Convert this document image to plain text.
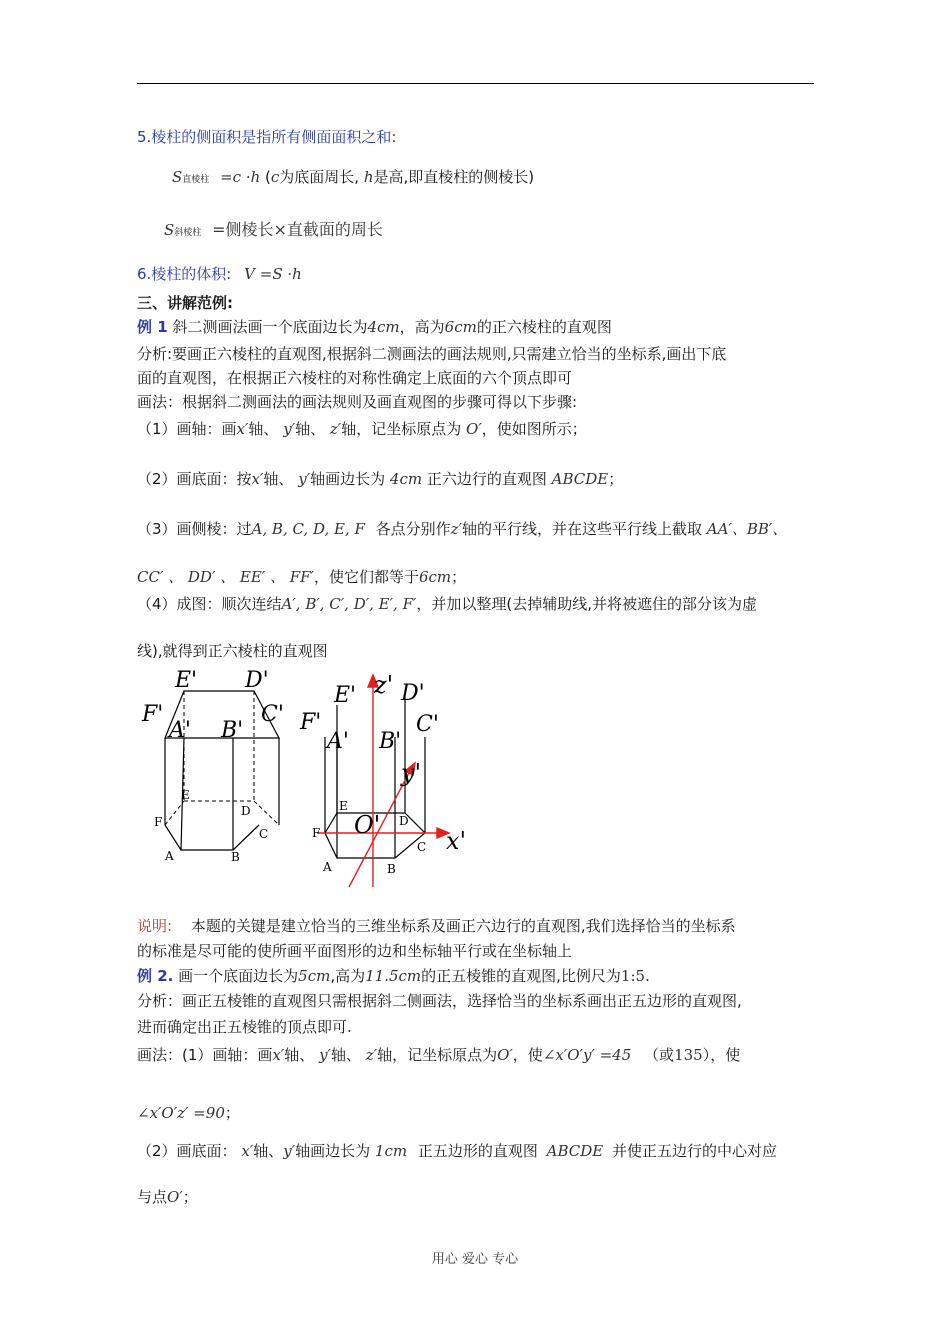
5.棱柱的侧面积是指所有侧面面积之和:
S直棱柱 =c ·h (c为底面周长, h是高,即直棱柱的侧棱长)
S斜棱柱 =侧棱长×直截面的周长
6.棱柱的体积: V =S ·h
三、讲解范例:
例 1 斜二测画法画一个底面边长为4cm，高为6cm的正六棱柱的直观图
分析:要画正六棱柱的直观图,根据斜二测画法的画法规则,只需建立恰当的坐标系,画出下底
面的直观图，在根据正六棱柱的对称性确定上底面的六个顶点即可
画法：根据斜二测画法的画法规则及画直观图的步骤可得以下步骤:
（1）画轴：画x′轴、 y′轴、 z′轴，记坐标原点为 O′，使如图所示；
（2）画底面：按x′轴、 y′轴画边长为 4cm 正六边行的直观图 ABCDE；
（3）画侧棱：过A, B, C, D, E, F 各点分别作z′轴的平行线，并在这些平行线上截取 AA′、BB′、
CC′ 、 DD′ 、 EE′ 、 FF′，使它们都等于6cm；
（4）成图：顺次连结A′, B′, C′, D′, E′, F′，并加以整理(去掉辅助线,并将被遮住的部分该为虚
线),就得到正六棱柱的直观图
E' D'
F'	C'
A' B'
E
D
F
C
A	B
E' D'
F'	C'
A' B'
z'
y'
x'
O'
E
D
F
C
A	B
说明: 本题的关键是建立恰当的三维坐标系及画正六边行的直观图,我们选择恰当的坐标系
的标准是尽可能的使所画平面图形的边和坐标轴平行或在坐标轴上
例 2. 画一个底面边长为5cm,高为11.5cm的正五棱锥的直观图,比例尺为1:5.
分析：画正五棱锥的直观图只需根据斜二侧画法，选择恰当的坐标系画出正五边形的直观图,
进而确定出正五棱锥的顶点即可.
画法：(1）画轴：画x′轴、 y′轴、 z′轴，记坐标原点为O′，使∠x′O′y′ =45 （或135），使
∠x′O′z′ =90；
（2）画底面： x′轴、y′轴画边长为 1cm 正五边形的直观图 ABCDE 并使正五边行的中心对应
与点O′；
用心 爱心 专心
